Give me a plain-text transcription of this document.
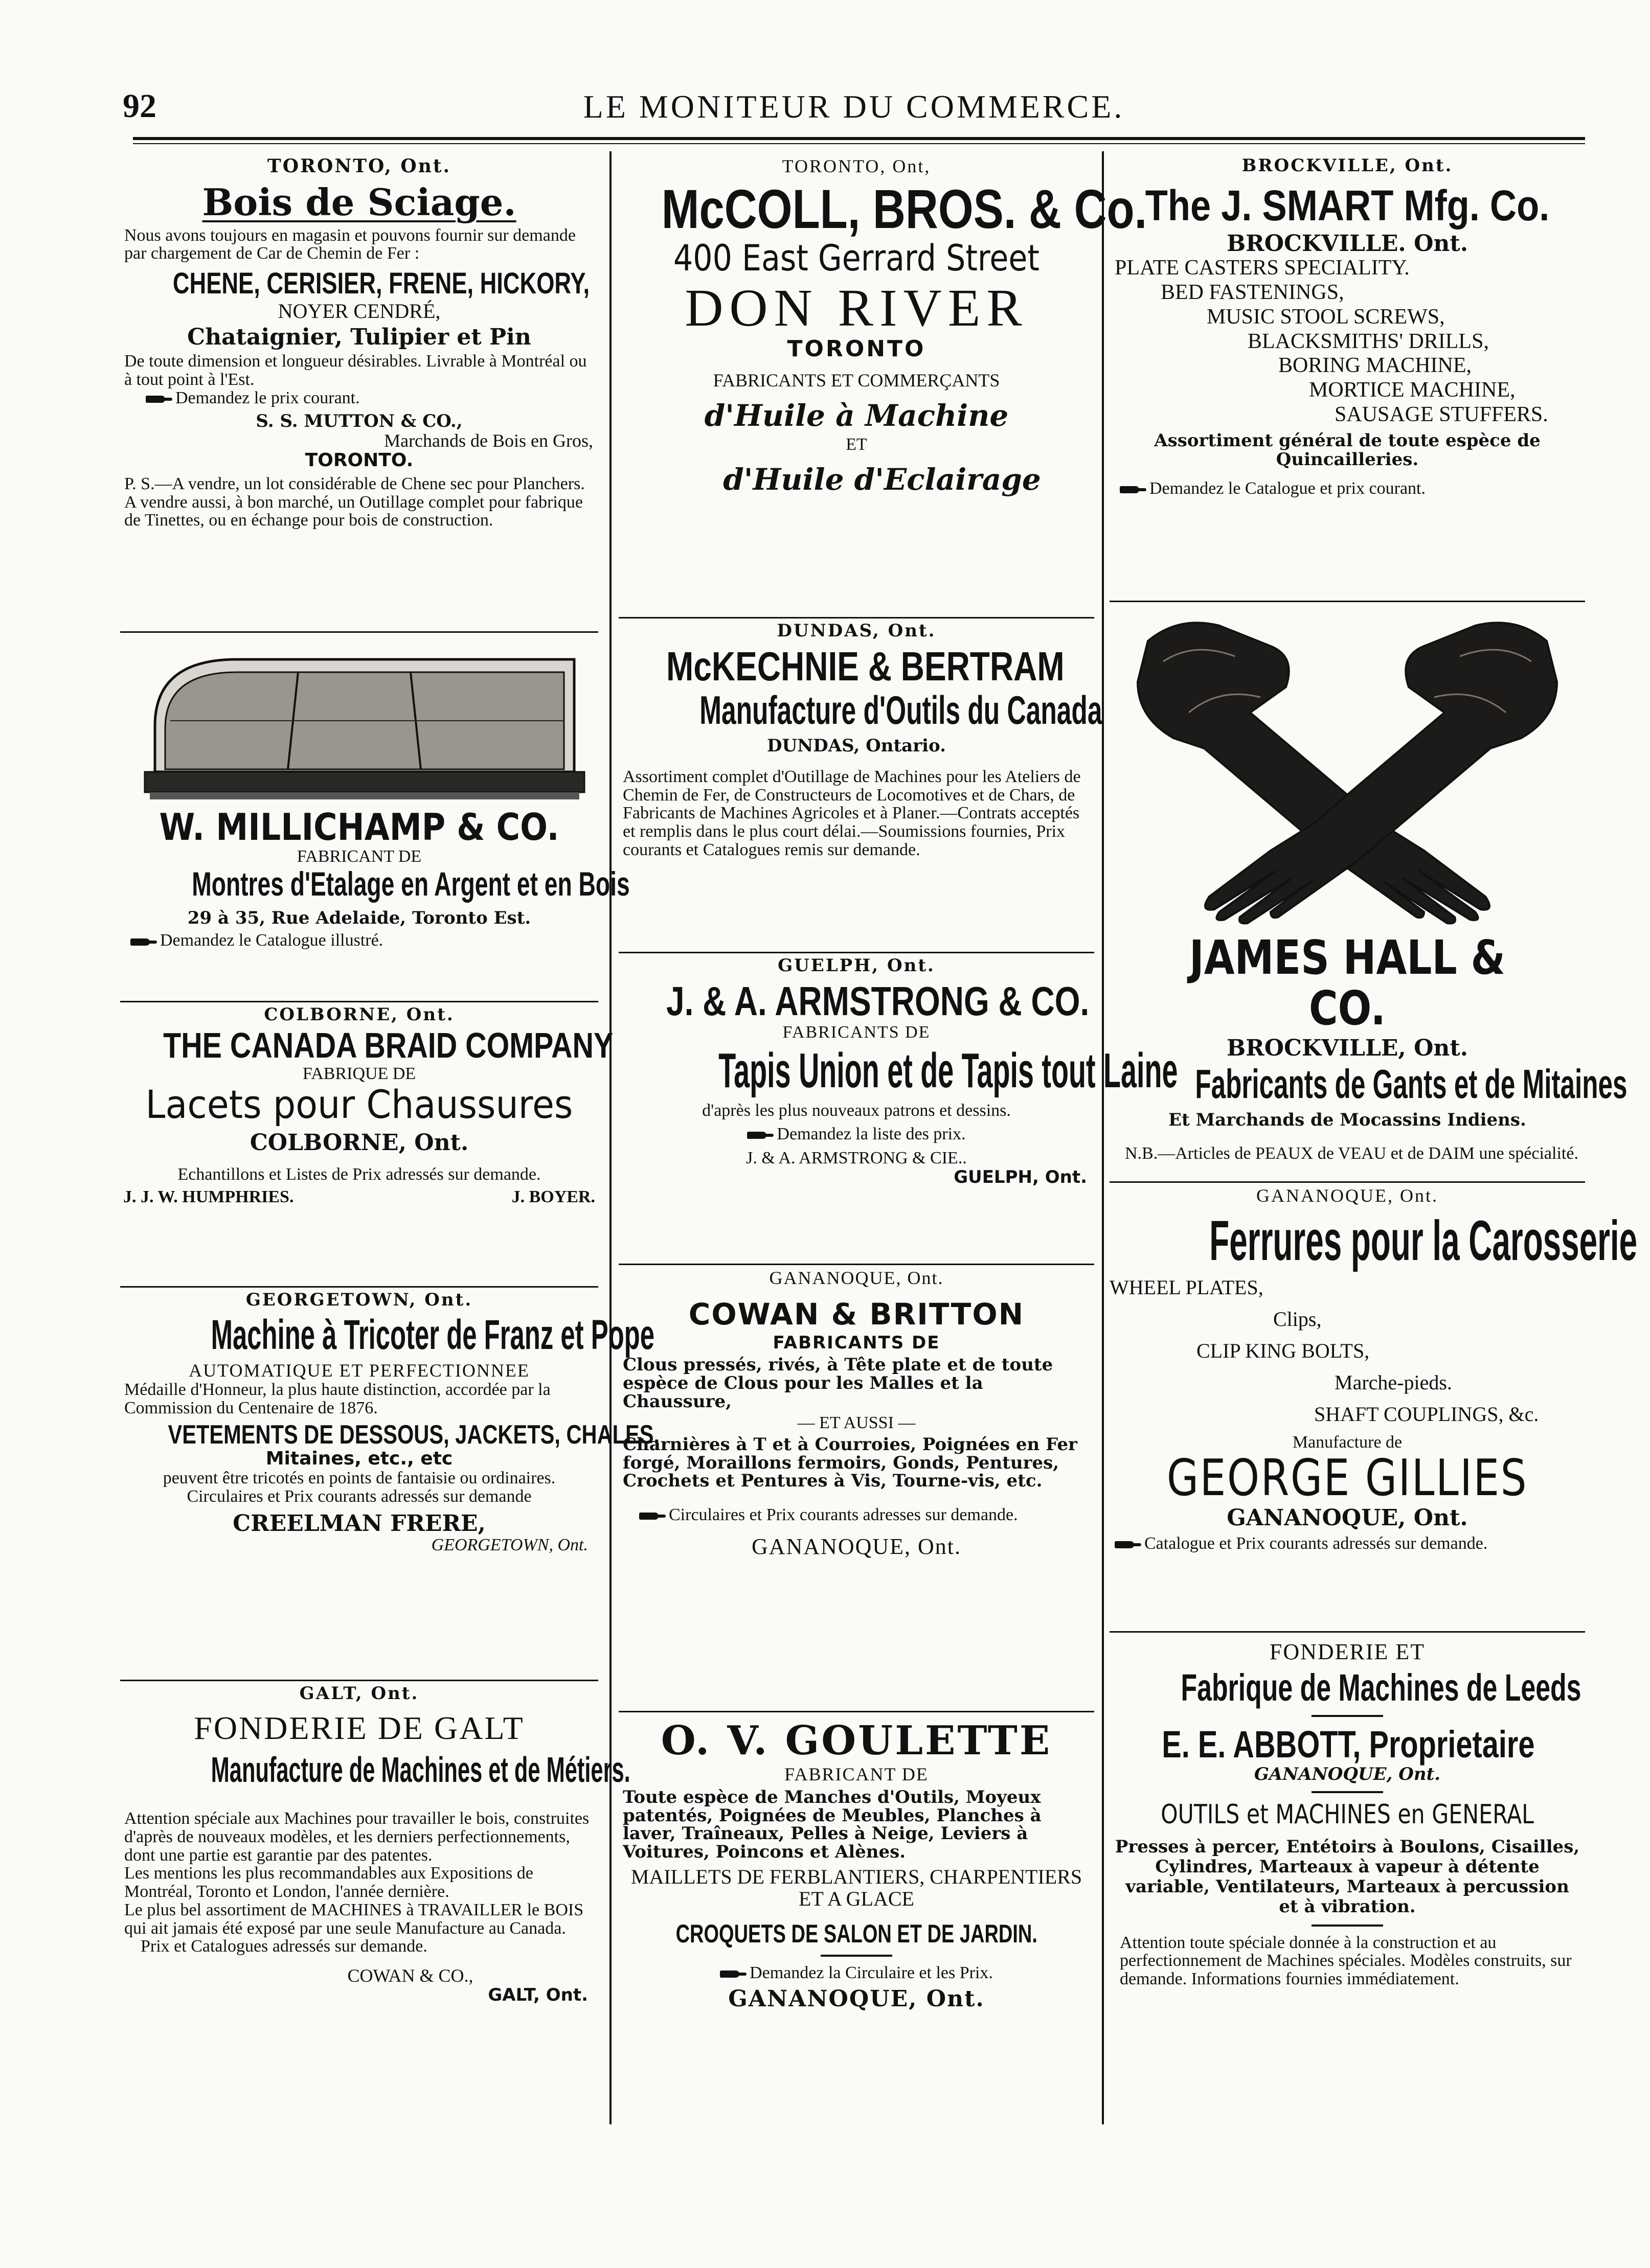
92	LE MONITEUR DU COMMERCE.
TORONTO, Ont.
Bois de Sciage.
Nous avons toujours en magasin et pouvons fournir sur demande par chargement de Car de Chemin de Fer :
CHENE, CERISIER, FRENE, HICKORY,
NOYER CENDRÉ,
Chataignier, Tulipier et Pin
De toute dimension et longueur désirables. Livrable à Montréal ou à tout point à l'Est.
Demandez le prix courant.
S. S. MUTTON & CO.,
Marchands de Bois en Gros,
TORONTO.
P. S.—A vendre, un lot considérable de Chene sec pour Planchers.
A vendre aussi, à bon marché, un Outillage complet pour fabrique de Tinettes, ou en échange pour bois de construction.
W. MILLICHAMP & CO.
FABRICANT DE
Montres d'Etalage en Argent et en Bois
29 à 35, Rue Adelaide, Toronto Est.
Demandez le Catalogue illustré.
COLBORNE, Ont.
THE CANADA BRAID COMPANY
FABRIQUE DE
Lacets pour Chaussures
COLBORNE, Ont.
Echantillons et Listes de Prix adressés sur demande.
J. J. W. HUMPHRIES.	J. BOYER.
GEORGETOWN, Ont.
Machine à Tricoter de Franz et Pope
AUTOMATIQUE ET PERFECTIONNEE
Médaille d'Honneur, la plus haute distinction, accordée par la Commission du Centenaire de 1876.
VETEMENTS DE DESSOUS, JACKETS, CHALES,
Mitaines, etc., etc
peuvent être tricotés en points de fantaisie ou ordinaires.
Circulaires et Prix courants adressés sur demande
CREELMAN FRERE,
GEORGETOWN, Ont.
GALT, Ont.
FONDERIE DE GALT
Manufacture de Machines et de Métiers.
Attention spéciale aux Machines pour travailler le bois, construites d'après de nouveaux modèles, et les derniers perfectionnements, dont une partie est garantie par des patentes.
Les mentions les plus recommandables aux Expositions de Montréal, Toronto et London, l'année dernière.
Le plus bel assortiment de MACHINES à TRAVAILLER le BOIS qui ait jamais été exposé par une seule Manufacture au Canada.
Prix et Catalogues adressés sur demande.
COWAN & CO.,
GALT, Ont.
TORONTO, Ont,
McCOLL, BROS. & Co.
400 East Gerrard Street
DON RIVER
TORONTO
FABRICANTS ET COMMERÇANTS
d'Huile à Machine
ET
d'Huile d'Eclairage
DUNDAS, Ont.
McKECHNIE & BERTRAM
Manufacture d'Outils du Canada
DUNDAS, Ontario.
Assortiment complet d'Outillage de Machines pour les Ateliers de Chemin de Fer, de Constructeurs de Locomotives et de Chars, de Fabricants de Machines Agricoles et à Planer.—Contrats acceptés et remplis dans le plus court délai.—Soumissions fournies, Prix courants et Catalogues remis sur demande.
GUELPH, Ont.
J. & A. ARMSTRONG & CO.
FABRICANTS DE
Tapis Union et de Tapis tout Laine
d'après les plus nouveaux patrons et dessins.
Demandez la liste des prix.
J. & A. ARMSTRONG & CIE..
GUELPH, Ont.
GANANOQUE, Ont.
COWAN & BRITTON
FABRICANTS DE
Clous pressés, rivés, à Tête plate et de toute espèce de Clous pour les Malles et la Chaussure,
— ET AUSSI —
Charnières à T et à Courroies, Poignées en Fer forgé, Moraillons fermoirs, Gonds, Pentures, Crochets et Pentures à Vis, Tourne-vis, etc.
Circulaires et Prix courants adresses sur demande.
GANANOQUE, Ont.
O. V. GOULETTE
FABRICANT DE
Toute espèce de Manches d'Outils, Moyeux patentés, Poignées de Meubles, Planches à laver, Traîneaux, Pelles à Neige, Leviers à Voitures, Poincons et Alènes.
MAILLETS DE FERBLANTIERS, CHARPENTIERS ET A GLACE
CROQUETS DE SALON ET DE JARDIN.
Demandez la Circulaire et les Prix.
GANANOQUE, Ont.
BROCKVILLE, Ont.
The J. SMART Mfg. Co.
BROCKVILLE. Ont.
PLATE CASTERS SPECIALITY.
BED FASTENINGS,
MUSIC STOOL SCREWS,
BLACKSMITHS' DRILLS,
BORING MACHINE,
MORTICE MACHINE,
SAUSAGE STUFFERS.
Assortiment général de toute espèce de Quincailleries.
Demandez le Catalogue et prix courant.
JAMES HALL & CO.
BROCKVILLE, Ont.
Fabricants de Gants et de Mitaines
Et Marchands de Mocassins Indiens.
N.B.—Articles de PEAUX de VEAU et de DAIM une spécialité.
GANANOQUE, Ont.
Ferrures pour la Carosserie
WHEEL PLATES,
Clips,
CLIP KING BOLTS,
Marche-pieds.
SHAFT COUPLINGS, &c.
Manufacture de
GEORGE GILLIES
GANANOQUE, Ont.
Catalogue et Prix courants adressés sur demande.
FONDERIE ET
Fabrique de Machines de Leeds
E. E. ABBOTT, Proprietaire
GANANOQUE, Ont.
OUTILS et MACHINES en GENERAL
Presses à percer, Entétoirs à Boulons, Cisailles, Cylindres, Marteaux à vapeur à détente variable, Ventilateurs, Marteaux à percussion et à vibration.
Attention toute spéciale donnée à la construction et au perfectionnement de Machines spéciales. Modèles construits, sur demande. Informations fournies immédiatement.
